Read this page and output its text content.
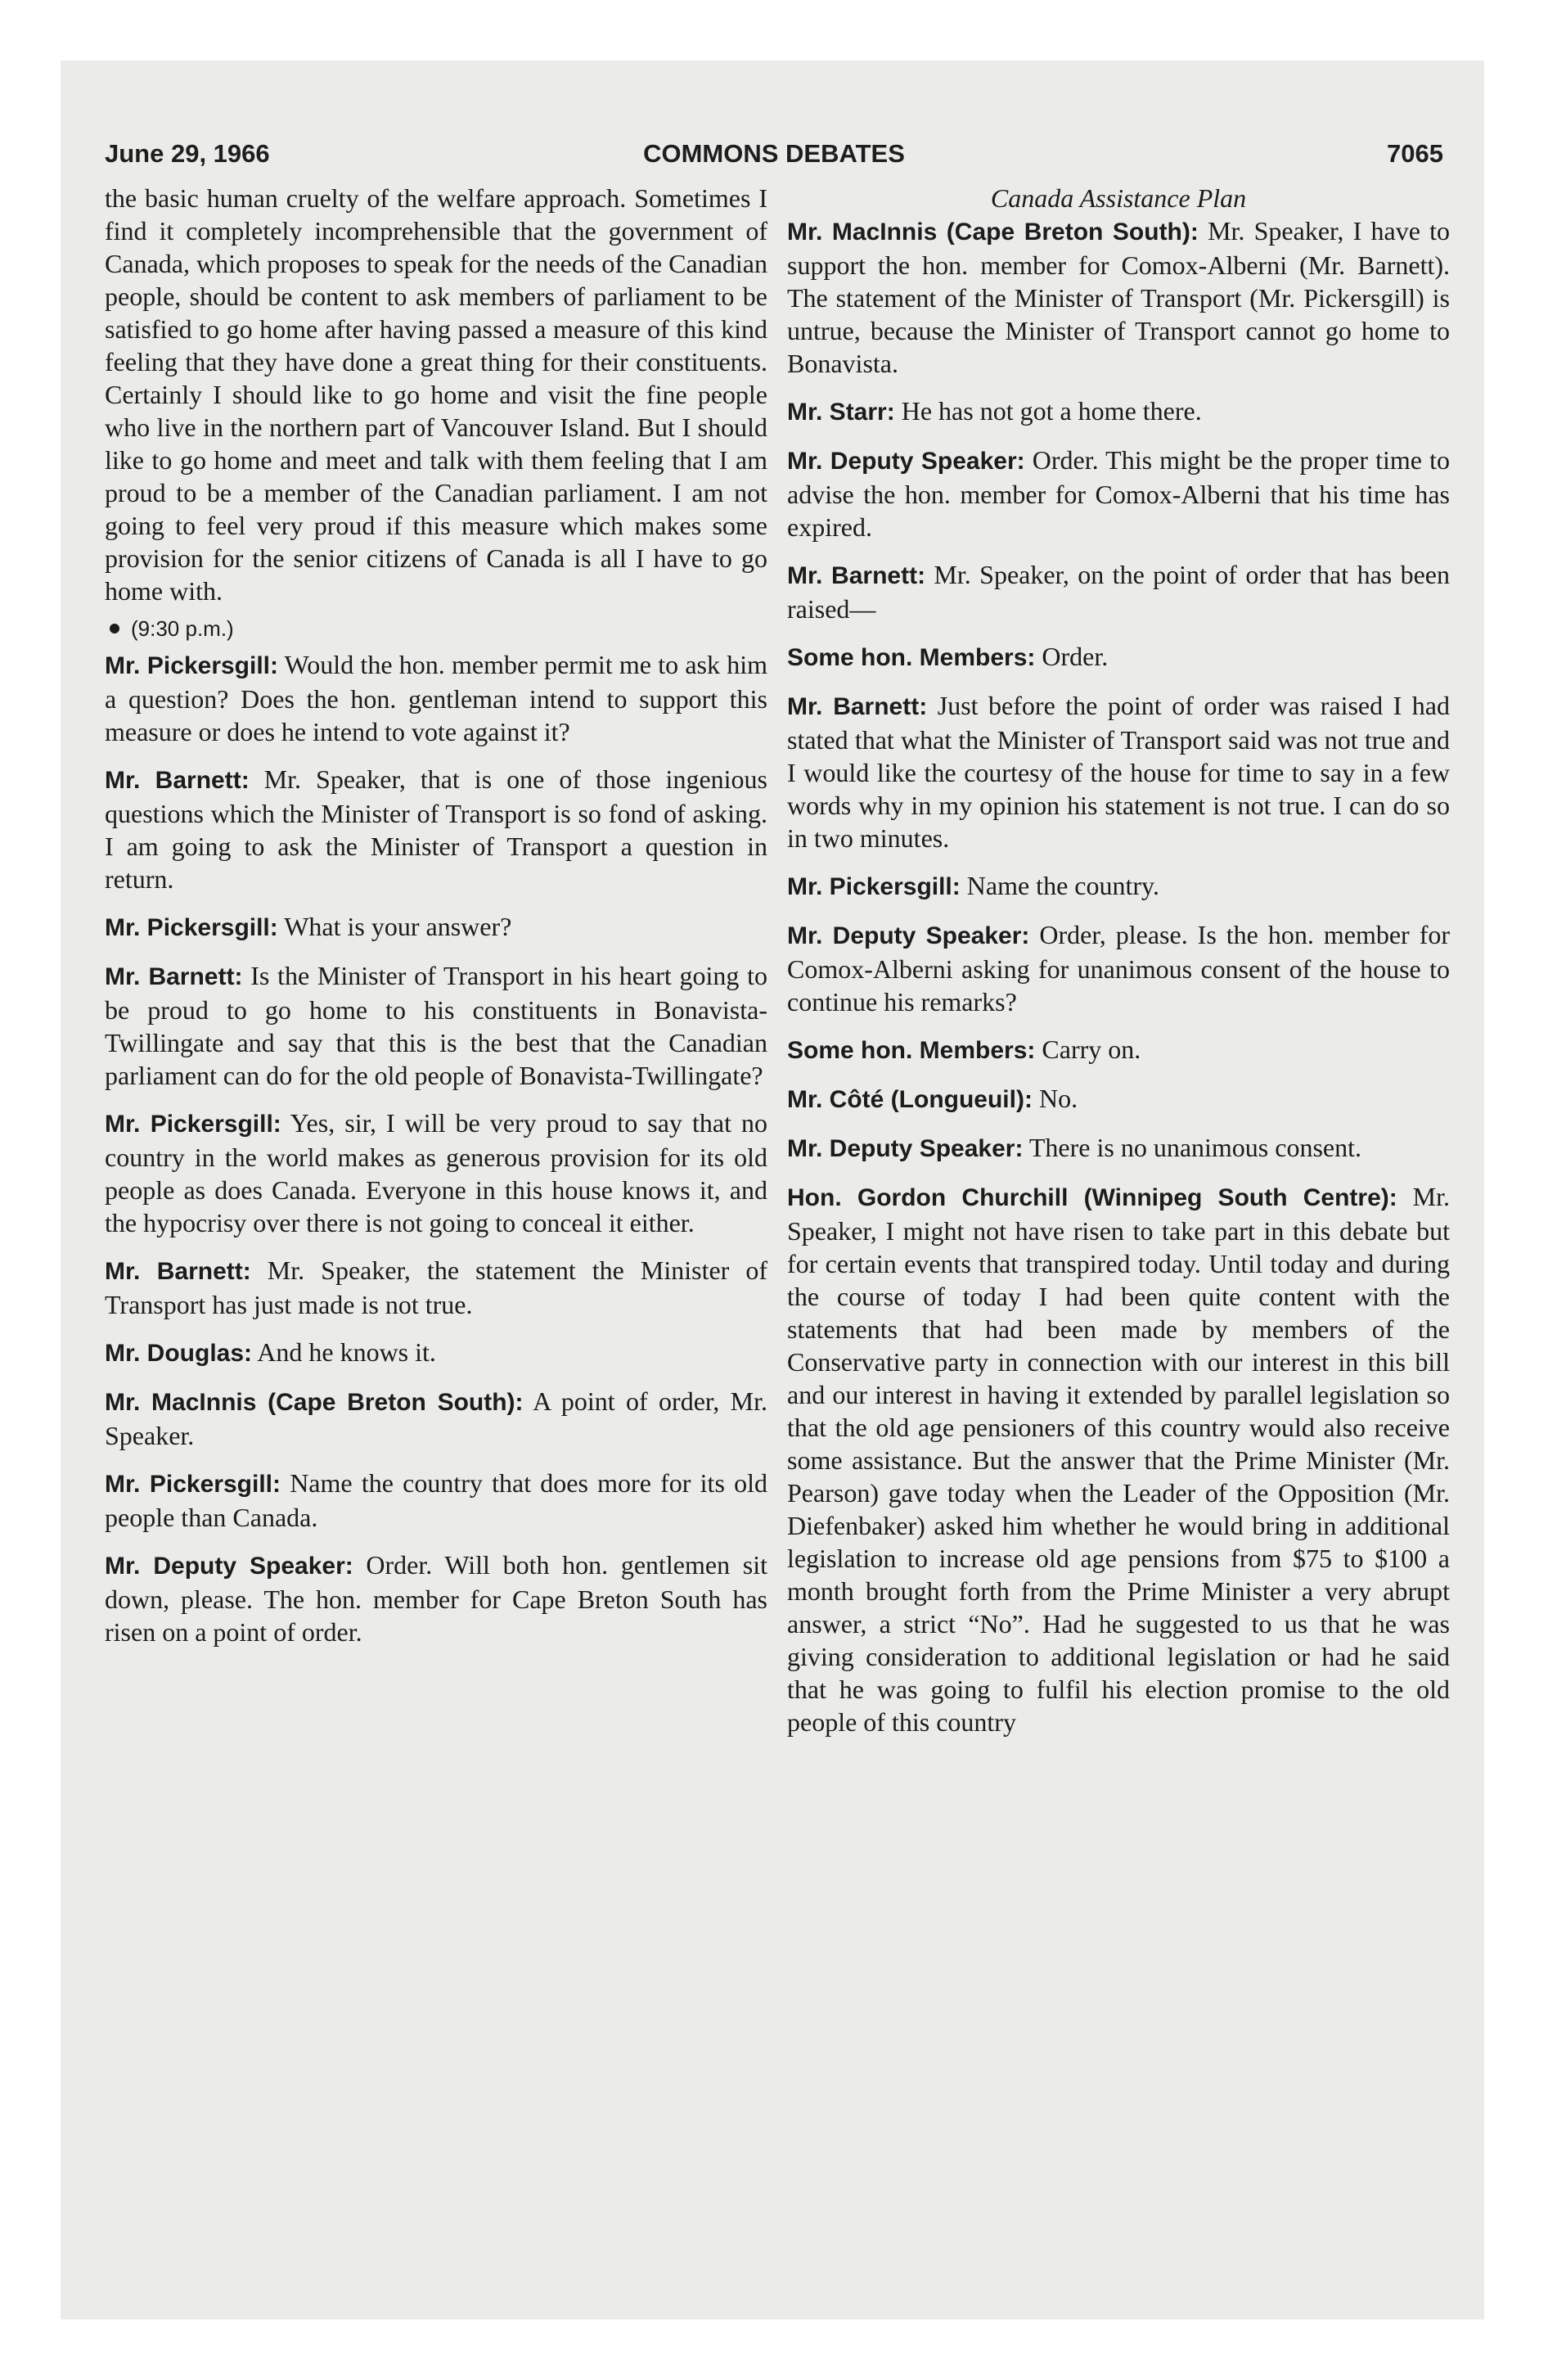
June 29, 1966	COMMONS DEBATES	7065

the basic human cruelty of the welfare approach. Sometimes I find it completely incomprehensible that the government of Canada, which proposes to speak for the needs of the Canadian people, should be content to ask members of parliament to be satisfied to go home after having passed a measure of this kind feeling that they have done a great thing for their constituents. Certainly I should like to go home and visit the fine people who live in the northern part of Vancouver Island. But I should like to go home and meet and talk with them feeling that I am proud to be a member of the Canadian parliament. I am not going to feel very proud if this measure which makes some provision for the senior citizens of Canada is all I have to go home with.

(9:30 p.m.)

Mr. Pickersgill: Would the hon. member permit me to ask him a question? Does the hon. gentleman intend to support this measure or does he intend to vote against it?

Mr. Barnett: Mr. Speaker, that is one of those ingenious questions which the Minister of Transport is so fond of asking. I am going to ask the Minister of Transport a question in return.

Mr. Pickersgill: What is your answer?

Mr. Barnett: Is the Minister of Transport in his heart going to be proud to go home to his constituents in Bonavista-Twillingate and say that this is the best that the Canadian parliament can do for the old people of Bonavista-Twillingate?

Mr. Pickersgill: Yes, sir, I will be very proud to say that no country in the world makes as generous provision for its old people as does Canada. Everyone in this house knows it, and the hypocrisy over there is not going to conceal it either.

Mr. Barnett: Mr. Speaker, the statement the Minister of Transport has just made is not true.

Mr. Douglas: And he knows it.

Mr. MacInnis (Cape Breton South): A point of order, Mr. Speaker.

Mr. Pickersgill: Name the country that does more for its old people than Canada.

Mr. Deputy Speaker: Order. Will both hon. gentlemen sit down, please. The hon. member for Cape Breton South has risen on a point of order.

Canada Assistance Plan

Mr. MacInnis (Cape Breton South): Mr. Speaker, I have to support the hon. member for Comox-Alberni (Mr. Barnett). The statement of the Minister of Transport (Mr. Pickersgill) is untrue, because the Minister of Transport cannot go home to Bonavista.

Mr. Starr: He has not got a home there.

Mr. Deputy Speaker: Order. This might be the proper time to advise the hon. member for Comox-Alberni that his time has expired.

Mr. Barnett: Mr. Speaker, on the point of order that has been raised—

Some hon. Members: Order.

Mr. Barnett: Just before the point of order was raised I had stated that what the Minister of Transport said was not true and I would like the courtesy of the house for time to say in a few words why in my opinion his statement is not true. I can do so in two minutes.

Mr. Pickersgill: Name the country.

Mr. Deputy Speaker: Order, please. Is the hon. member for Comox-Alberni asking for unanimous consent of the house to continue his remarks?

Some hon. Members: Carry on.

Mr. Côté (Longueuil): No.

Mr. Deputy Speaker: There is no unanimous consent.

Hon. Gordon Churchill (Winnipeg South Centre): Mr. Speaker, I might not have risen to take part in this debate but for certain events that transpired today. Until today and during the course of today I had been quite content with the statements that had been made by members of the Conservative party in connection with our interest in this bill and our interest in having it extended by parallel legislation so that the old age pensioners of this country would also receive some assistance. But the answer that the Prime Minister (Mr. Pearson) gave today when the Leader of the Opposition (Mr. Diefenbaker) asked him whether he would bring in additional legislation to increase old age pensions from $75 to $100 a month brought forth from the Prime Minister a very abrupt answer, a strict “No”. Had he suggested to us that he was giving consideration to additional legislation or had he said that he was going to fulfil his election promise to the old people of this country
